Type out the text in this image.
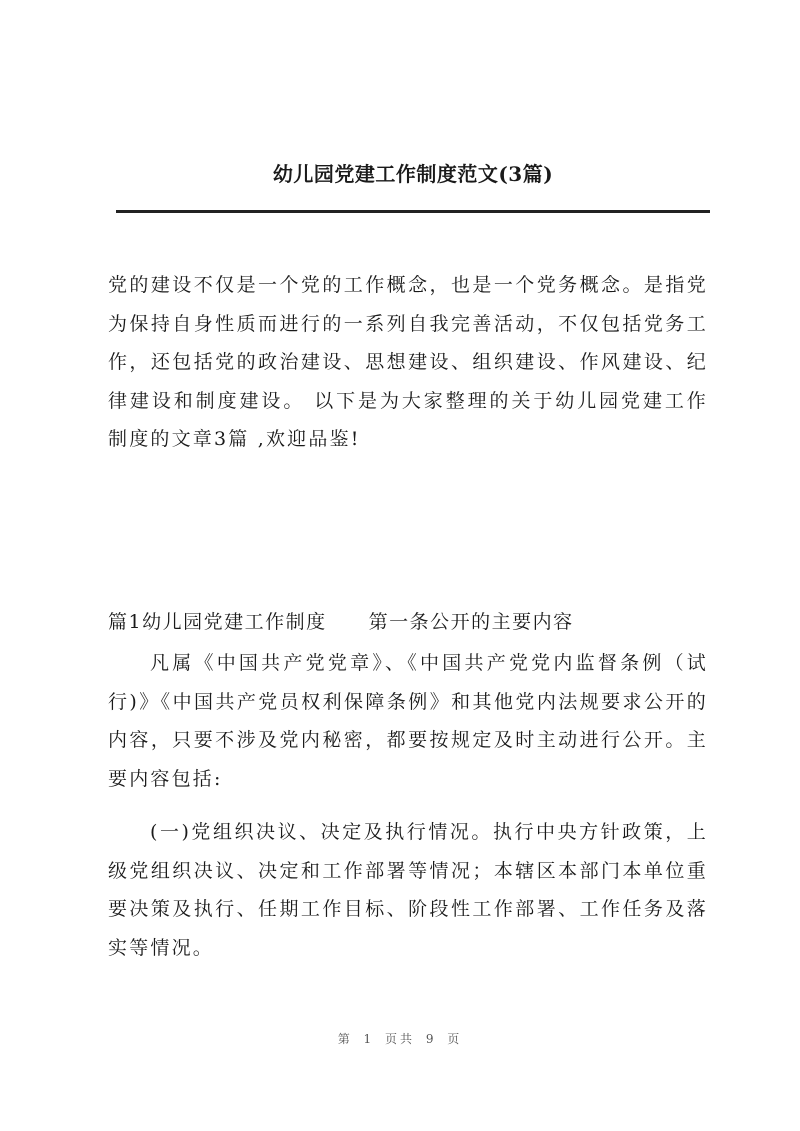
幼儿园党建工作制度范文(3篇)

党的建设不仅是一个党的工作概念，也是一个党务概念。是指党为保持自身性质而进行的一系列自我完善活动，不仅包括党务工作，还包括党的政治建设、思想建设、组织建设、作风建设、纪律建设和制度建设。 以下是为大家整理的关于幼儿园党建工作制度的文章3篇 ,欢迎品鉴!

篇1幼儿园党建工作制度 第一条公开的主要内容

凡属《中国共产党党章》、《中国共产党党内监督条例（试行)》《中国共产党员权利保障条例》和其他党内法规要求公开的内容，只要不涉及党内秘密，都要按规定及时主动进行公开。主要内容包括:

(一)党组织决议、决定及执行情况。执行中央方针政策，上级党组织决议、决定和工作部署等情况；本辖区本部门本单位重要决策及执行、任期工作目标、阶段性工作部署、工作任务及落实等情况。

第 1 页共 9 页
